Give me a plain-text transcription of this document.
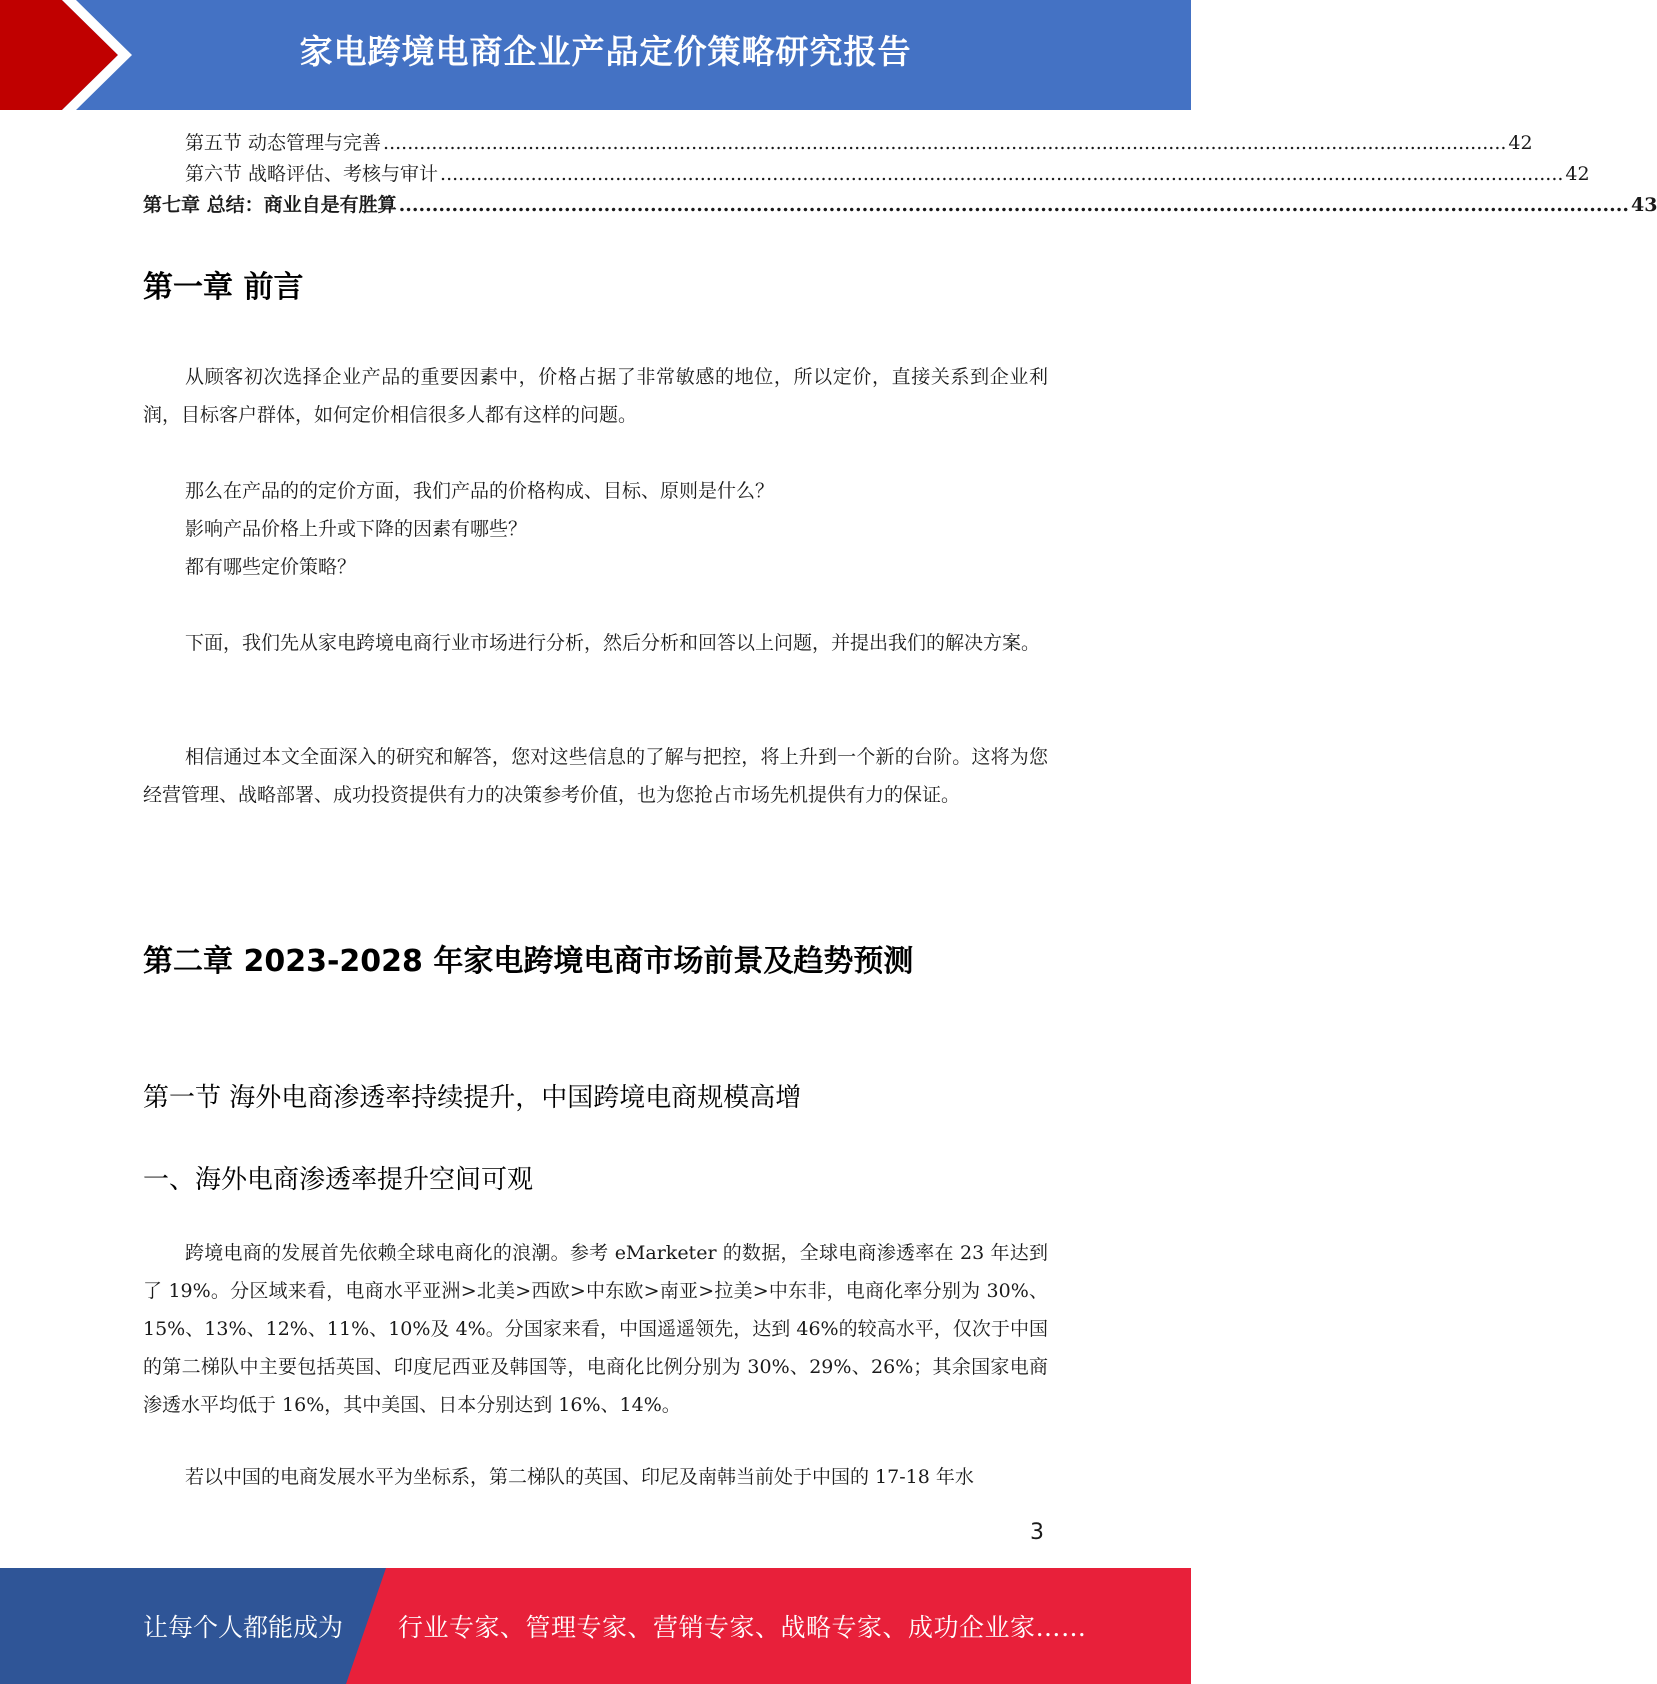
家电跨境电商企业产品定价策略研究报告
第五节 动态管理与完善 .......................................................................................................................................................................................... 42
第六节 战略评估、考核与审计 .......................................................................................................................................................................................... 42
第七章 总结：商业自是有胜算 .......................................................................................................................................................................................... 43
第一章 前言
从顾客初次选择企业产品的重要因素中，价格占据了非常敏感的地位，所以定价，直接关系到企业利润，目标客户群体，如何定价相信很多人都有这样的问题。
那么在产品的的定价方面，我们产品的价格构成、目标、原则是什么？
影响产品价格上升或下降的因素有哪些？
都有哪些定价策略？
下面，我们先从家电跨境电商行业市场进行分析，然后分析和回答以上问题，并提出我们的解决方案。
相信通过本文全面深入的研究和解答，您对这些信息的了解与把控，将上升到一个新的台阶。这将为您经营管理、战略部署、成功投资提供有力的决策参考价值，也为您抢占市场先机提供有力的保证。
第二章 2023-2028 年家电跨境电商市场前景及趋势预测
第一节 海外电商渗透率持续提升，中国跨境电商规模高增
一、海外电商渗透率提升空间可观
跨境电商的发展首先依赖全球电商化的浪潮。参考 eMarketer 的数据，全球电商渗透率在 23 年达到了 19%。分区域来看，电商水平亚洲>北美>西欧>中东欧>南亚>拉美>中东非，电商化率分别为 30%、15%、13%、12%、11%、10%及 4%。分国家来看，中国遥遥领先，达到 46%的较高水平，仅次于中国的第二梯队中主要包括英国、印度尼西亚及韩国等，电商化比例分别为 30%、29%、26%；其余国家电商渗透水平均低于 16%，其中美国、日本分别达到 16%、14%。
若以中国的电商发展水平为坐标系，第二梯队的英国、印尼及南韩当前处于中国的 17-18 年水
3
让每个人都能成为 行业专家、管理专家、营销专家、战略专家、成功企业家……
